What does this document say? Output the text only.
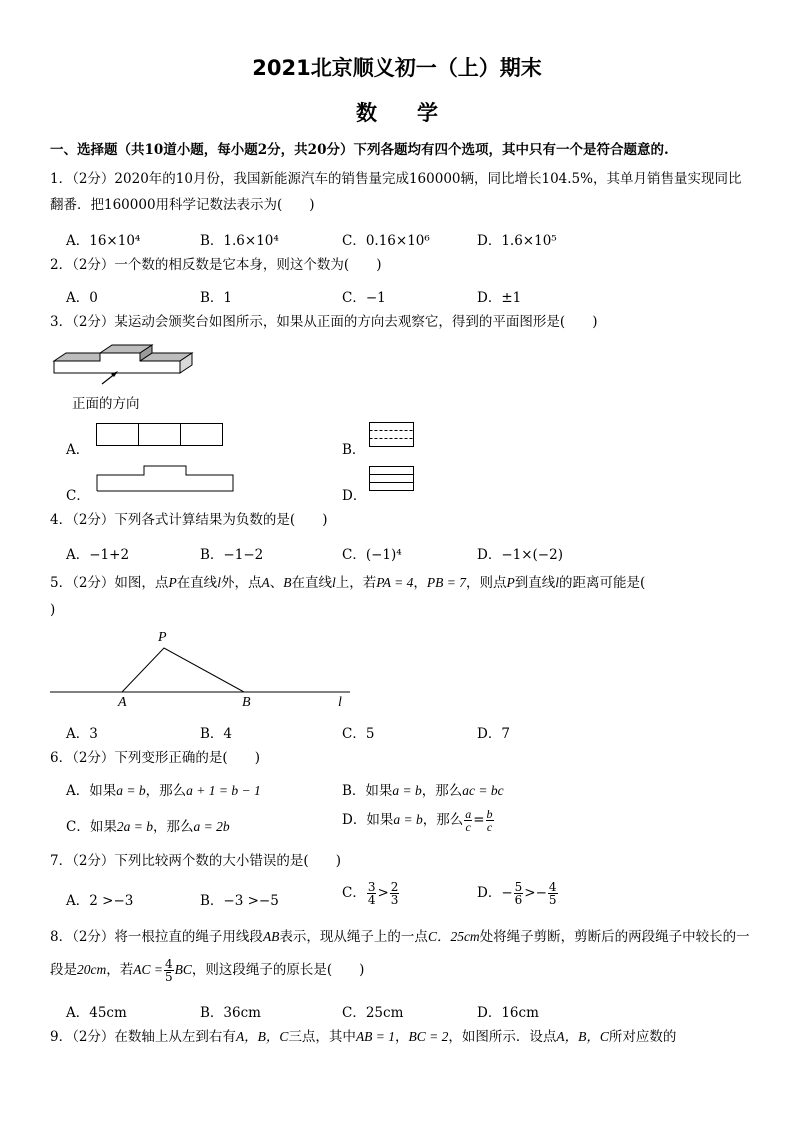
2021北京顺义初一（上）期末
数学
一、选择题（共10道小题，每小题2分，共20分）下列各题均有四个选项，其中只有一个是符合题意的.
1．（2分）2020年的10月份，我国新能源汽车的销售量完成160000辆，同比增长104.5%，其单月销售量实现同比
翻番．把160000用科学记数法表示为(　　)
A．16×10⁴	B．1.6×10⁴	C．0.16×10⁶	D．1.6×10⁵
2．（2分）一个数的相反数是它本身，则这个数为(　　)
A．0	B．1	C．−1	D．±1
3．（2分）某运动会颁奖台如图所示，如果从正面的方向去观察它，得到的平面图形是(　　)
正面的方向
A．	B．
C．	D．
4．（2分）下列各式计算结果为负数的是(　　)
A．−1+2	B．−1−2	C．(−1)⁴	D．−1×(−2)
5．（2分）如图，点P在直线l外，点A、B在直线l上，若PA = 4，PB = 7，则点P到直线l的距离可能是(
)
P
A	B	l
A．3	B．4	C．5	D．7
6．（2分）下列变形正确的是(　　)
A．如果a = b，那么a + 1 = b − 1	B．如果a = b，那么ac = bc
C．如果2a = b，那么a = 2b	D．如果a = b，那么 $\frac{a}{c} = \frac{b}{c}$
7．（2分）下列比较两个数的大小错误的是(　　)
A．2 >−3	B．−3 >−5	C． $\frac{3}{4} > \frac{2}{3}$	D．− $\frac{5}{6} >- \frac{4}{5}$
8．（2分）将一根拉直的绳子用线段AB表示，现从绳子上的一点C．25cm处将绳子剪断，剪断后的两段绳子中较长的一
段是20cm，若AC = $\frac{4}{5}$ BC，则这段绳子的原长是(　　)
A．45cm	B．36cm	C．25cm	D．16cm
9．（2分）在数轴上从左到右有A，B，C三点，其中AB = 1，BC = 2，如图所示．设点A，B，C所对应数的
